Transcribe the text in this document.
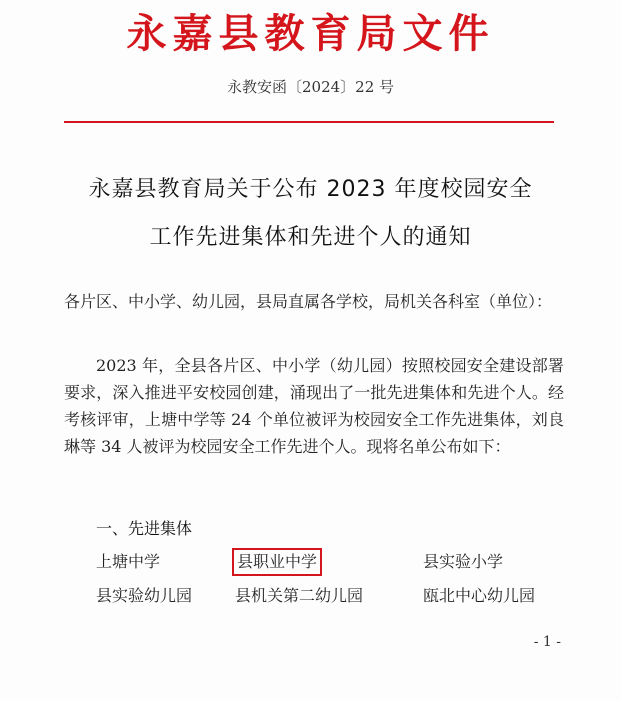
永嘉县教育局文件
永教安函〔2024〕22 号
永嘉县教育局关于公布 2023 年度校园安全
工作先进集体和先进个人的通知
各片区、中小学、幼儿园，县局直属各学校，局机关各科室（单位）：
2023 年，全县各片区、中小学（幼儿园）按照校园安全建设部署要求，深入推进平安校园创建，涌现出了一批先进集体和先进个人。经考核评审，上塘中学等 24 个单位被评为校园安全工作先进集体，刘良琳等 34 人被评为校园安全工作先进个人。现将名单公布如下：
一、先进集体
上塘中学	县职业中学	县实验小学
县实验幼儿园	县机关第二幼儿园	瓯北中心幼儿园
- 1 -
